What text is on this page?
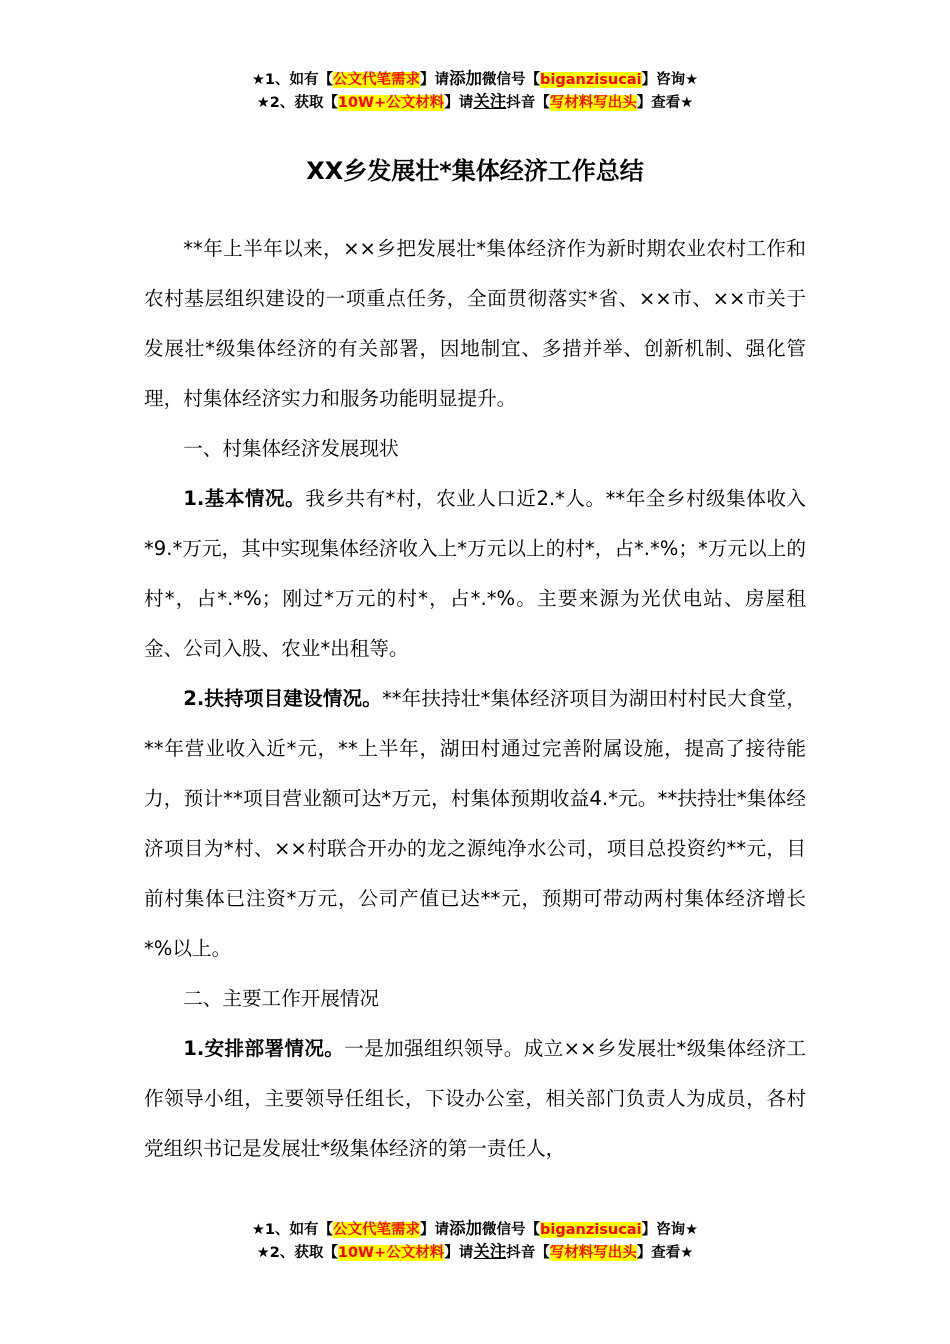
★1、如有【公文代笔需求】请添加微信号【biganzisucai】咨询★
★2、获取【10W+公文材料】请关注抖音【写材料写出头】查看★
XX乡发展壮*集体经济工作总结

**年上半年以来，××乡把发展壮*集体经济作为新时期农业农村工作和农村基层组织建设的一项重点任务，全面贯彻落实*省、××市、××市关于发展壮*级集体经济的有关部署，因地制宜、多措并举、创新机制、强化管理，村集体经济实力和服务功能明显提升。

一、村集体经济发展现状

1.基本情况。我乡共有*村，农业人口近2.*人。**年全乡村级集体收入*9.*万元，其中实现集体经济收入上*万元以上的村*，占*.*%；*万元以上的村*，占*.*%；刚过*万元的村*，占*.*%。主要来源为光伏电站、房屋租金、公司入股、农业*出租等。

2.扶持项目建设情况。**年扶持壮*集体经济项目为湖田村村民大食堂，**年营业收入近*元，**上半年，湖田村通过完善附属设施，提高了接待能力，预计**项目营业额可达*万元，村集体预期收益4.*元。**扶持壮*集体经济项目为*村、××村联合开办的龙之源纯净水公司，项目总投资约**元，目前村集体已注资*万元，公司产值已达**元，预期可带动两村集体经济增长*%以上。

二、主要工作开展情况

1.安排部署情况。一是加强组织领导。成立××乡发展壮*级集体经济工作领导小组，主要领导任组长，下设办公室，相关部门负责人为成员，各村党组织书记是发展壮*级集体经济的第一责任人，

★1、如有【公文代笔需求】请添加微信号【biganzisucai】咨询★
★2、获取【10W+公文材料】请关注抖音【写材料写出头】查看★
